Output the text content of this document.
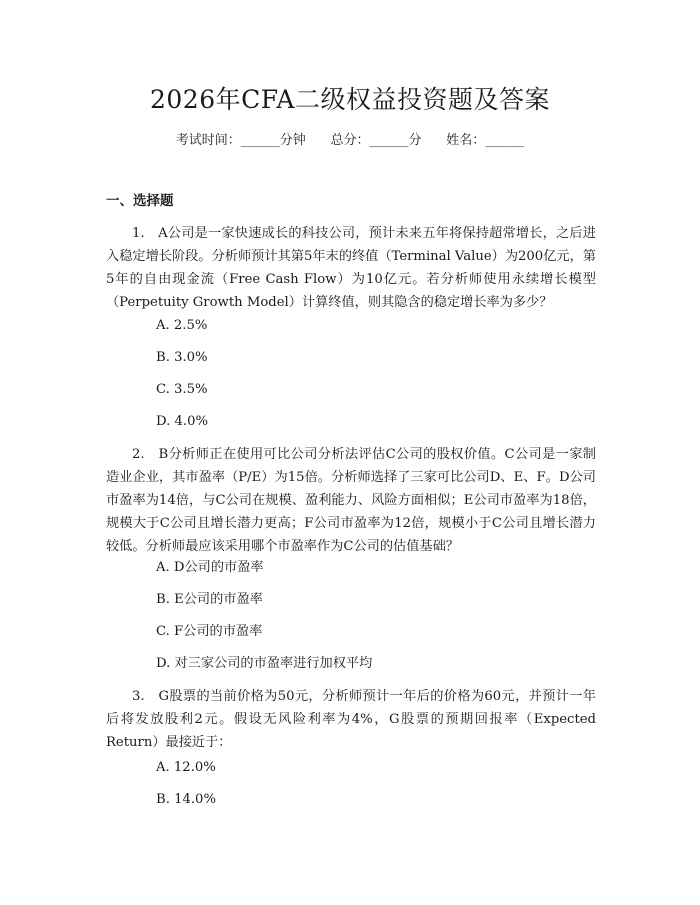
2026年CFA二级权益投资题及答案
考试时间：______分钟      总分：______分      姓名：______
一、选择题
1.　A公司是一家快速成长的科技公司，预计未来五年将保持超常增长，之后进入稳定增长阶段。分析师预计其第5年末的终值（Terminal Value）为200亿元，第5年的自由现金流（Free Cash Flow）为10亿元。若分析师使用永续增长模型（Perpetuity Growth Model）计算终值，则其隐含的稳定增长率为多少？
A. 2.5%
B. 3.0%
C. 3.5%
D. 4.0%
2.　B分析师正在使用可比公司分析法评估C公司的股权价值。C公司是一家制造业企业，其市盈率（P/E）为15倍。分析师选择了三家可比公司D、E、F。D公司市盈率为14倍，与C公司在规模、盈利能力、风险方面相似；E公司市盈率为18倍，规模大于C公司且增长潜力更高；F公司市盈率为12倍，规模小于C公司且增长潜力较低。分析师最应该采用哪个市盈率作为C公司的估值基础？
A. D公司的市盈率
B. E公司的市盈率
C. F公司的市盈率
D. 对三家公司的市盈率进行加权平均
3.　G股票的当前价格为50元，分析师预计一年后的价格为60元，并预计一年后将发放股利2元。假设无风险利率为4%，G股票的预期回报率（Expected Return）最接近于：
A. 12.0%
B. 14.0%
